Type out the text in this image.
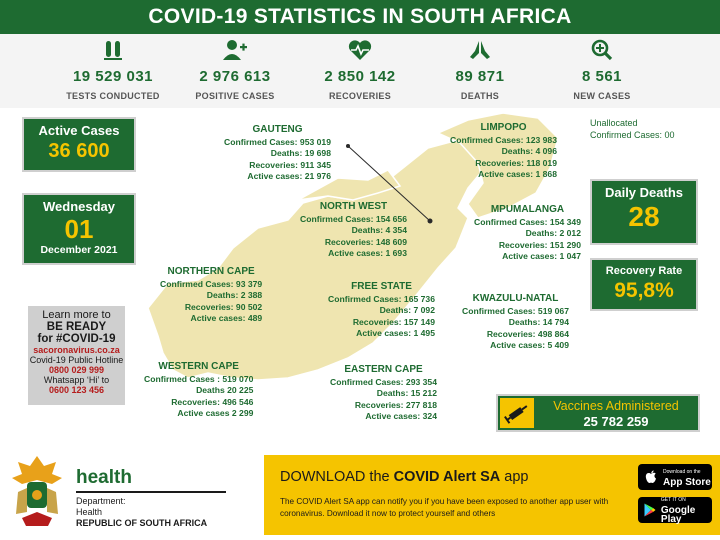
COVID-19 STATISTICS IN SOUTH AFRICA
19 529 031
TESTS CONDUCTED
2 976 613
POSITIVE CASES
2 850 142
RECOVERIES
89 871
DEATHS
8 561
NEW CASES
Active Cases
36 600
Wednesday
01
December 2021
Learn more to
BE READY
for #COVID-19
sacoronavirus.co.za
Covid-19 Public Hotline
0800 029 999
Whatsapp ‘Hi’ to
0600 123 456
GAUTENG
Confirmed Cases: 953 019
Deaths: 19 698
Recoveries: 911 345
Active cases: 21 976
LIMPOPO
Confirmed Cases: 123 983
Deaths: 4 096
Recoveries: 118 019
Active cases: 1 868
Unallocated
Confirmed Cases: 00
NORTH WEST
Confirmed Cases: 154 656
Deaths: 4 354
Recoveries: 148 609
Active cases: 1 693
MPUMALANGA
Confirmed Cases: 154 349
Deaths: 2 012
Recoveries: 151 290
Active cases: 1 047
NORTHERN CAPE
Confirmed Cases: 93 379
Deaths: 2 388
Recoveries: 90 502
Active cases: 489
FREE STATE
Confirmed Cases: 165 736
Deaths: 7 092
Recoveries: 157 149
Active cases: 1 495
KWAZULU-NATAL
Confirmed Cases: 519 067
Deaths: 14 794
Recoveries: 498 864
Active cases: 5 409
WESTERN CAPE
Confirmed Cases : 519 070
Deaths 20 225
Recoveries: 496 546
Active cases 2 299
EASTERN CAPE
Confirmed Cases: 293 354
Deaths: 15 212
Recoveries: 277 818
Active cases: 324
Daily Deaths
28
Recovery Rate
95,8%
Vaccines Administered
25 782 259
health
Department:
Health
REPUBLIC OF SOUTH AFRICA
DOWNLOAD the COVID Alert SA app
The COVID Alert SA app can notify you if you have been exposed to another app user with coronavirus. Download it now to protect yourself and others
Download on the
App Store
GET IT ON
Google Play
